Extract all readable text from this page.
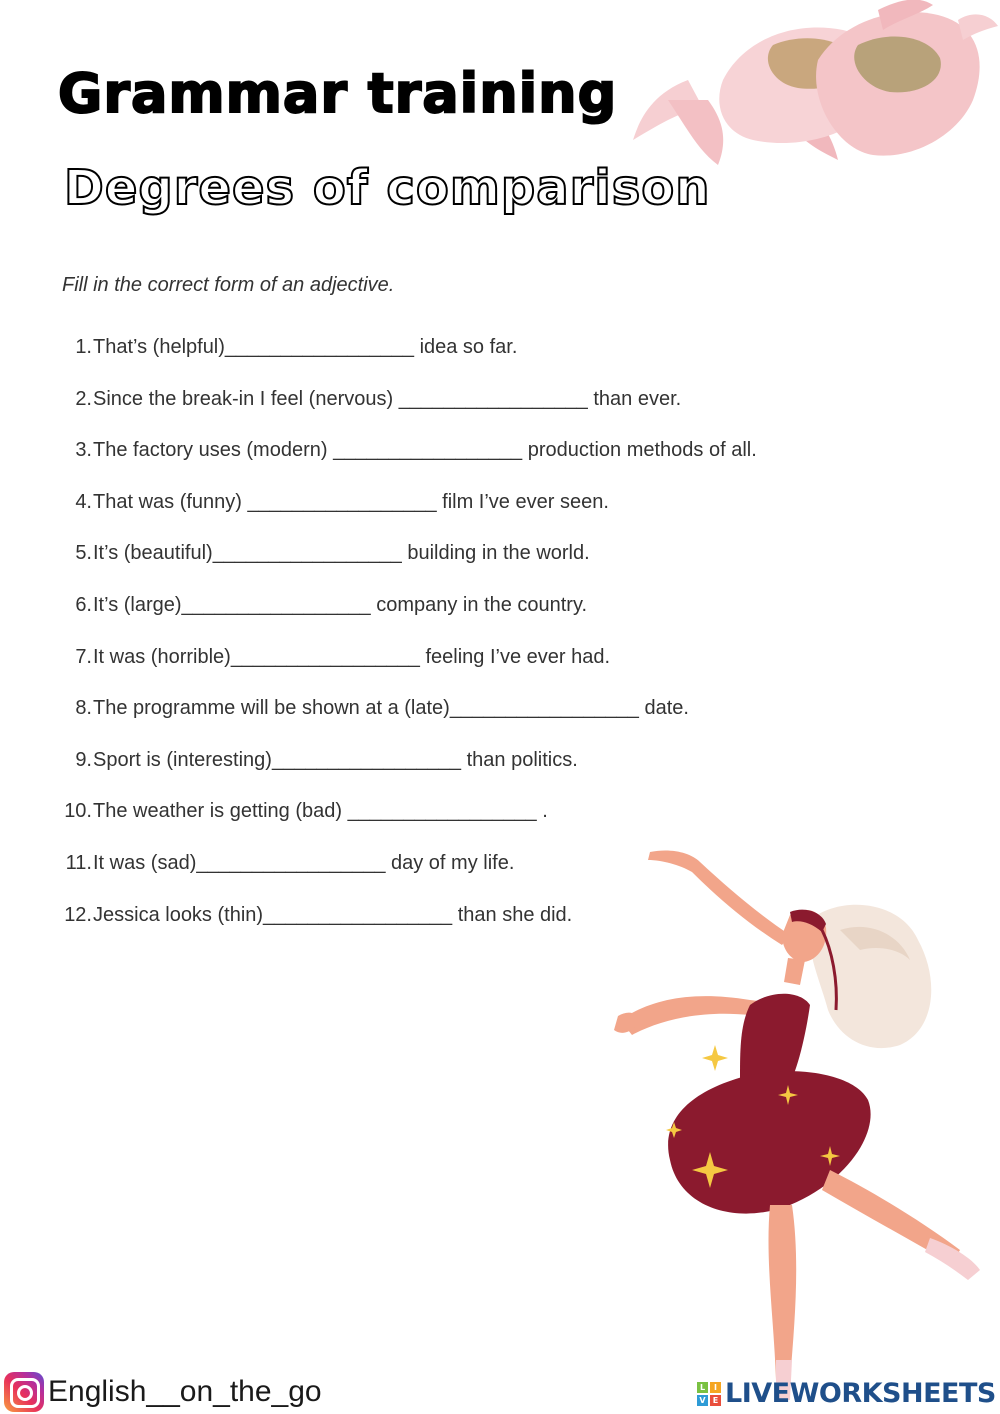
Grammar training
Degrees of comparison

Fill in the correct form of an adjective.

1. That’s (helpful)_________________ idea so far.
2. Since the break-in I feel (nervous) _________________ than ever.
3. The factory uses (modern) _________________ production methods of all.
4. That was (funny) _________________ film I’ve ever seen.
5. It’s (beautiful)_________________ building in the world.
6. It’s (large)_________________ company in the country.
7. It was (horrible)_________________ feeling I’ve ever had.
8. The programme will be shown at a (late)_________________ date.
9. Sport is (interesting)_________________ than politics.
10. The weather is getting (bad) _________________ .
11. It was (sad)_________________ day of my life.
12. Jessica looks (thin)_________________ than she did.
English__on_the_go	L	I
V E LIVEWORKSHEETS
